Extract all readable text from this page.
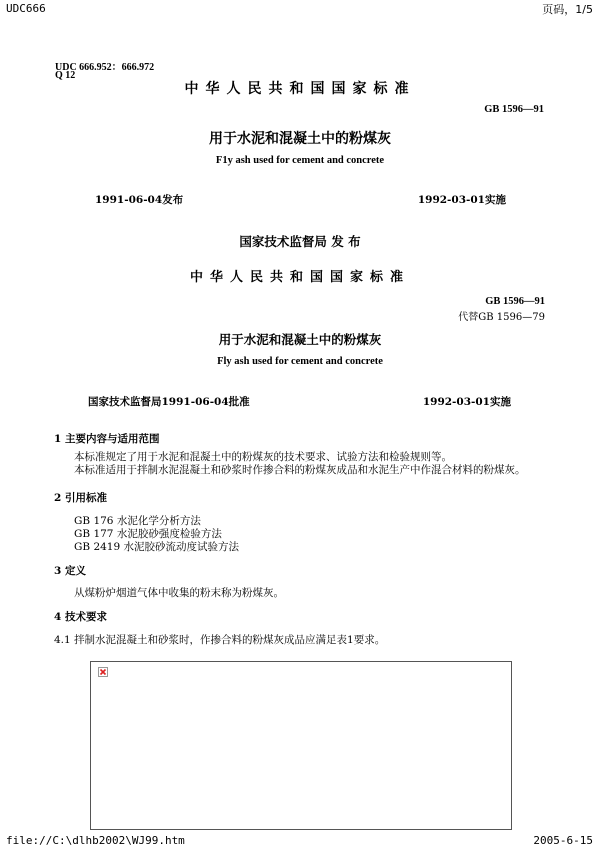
UDC666	页码，1/5
UDC 666.952：666.972
Q 12
中华人民共和国国家标准
GB 1596—91
用于水泥和混凝土中的粉煤灰
F1y ash used for cement and concrete
1991-06-04发布	1992-03-01实施
国家技术监督局 发 布
中华人民共和国国家标准
GB 1596—91
代替GB 1596—79
用于水泥和混凝土中的粉煤灰
Fly ash used for cement and concrete
国家技术监督局1991-06-04批准	1992-03-01实施
1 主要内容与适用范围
本标准规定了用于水泥和混凝土中的粉煤灰的技术要求、试验方法和检验规则等。
本标准适用于拌制水泥混凝土和砂浆时作掺合料的粉煤灰成品和水泥生产中作混合材料的粉煤灰。
2 引用标准
GB 176 水泥化学分析方法
GB 177 水泥胶砂强度检验方法
GB 2419 水泥胶砂流动度试验方法
3 定义
从煤粉炉烟道气体中收集的粉末称为粉煤灰。
4 技术要求
4.1 拌制水泥混凝土和砂浆时，作掺合料的粉煤灰成品应满足表1要求。
file://C:\dlhb2002\WJ99.htm	2005-6-15
